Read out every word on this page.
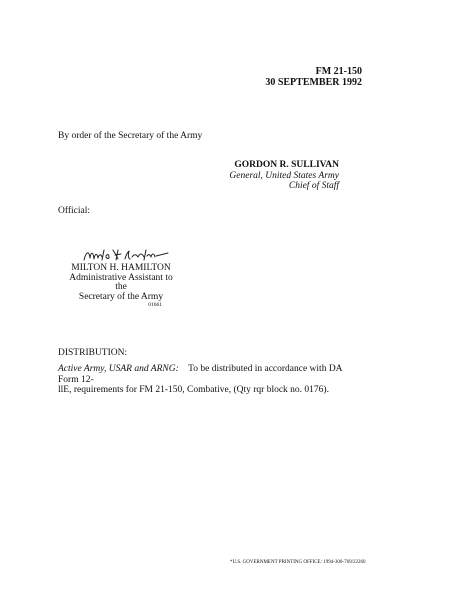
FM 21-150
30 SEPTEMBER 1992
By order of the Secretary of the Army
GORDON R. SULLIVAN
General, United States Army
Chief of Staff
Official:
MILTON H. HAMILTON
Administrative Assistant to the
Secretary of the Army
01661
DISTRIBUTION:
Active Army, USAR and ARNG: To be distributed in accordance with DA Form 12-
llE, requirements for FM 21-150, Combative, (Qty rqr block no. 0176).
*U.S. GOVERNMENT PRINTING OFFICE: 1994-300-769/22260
